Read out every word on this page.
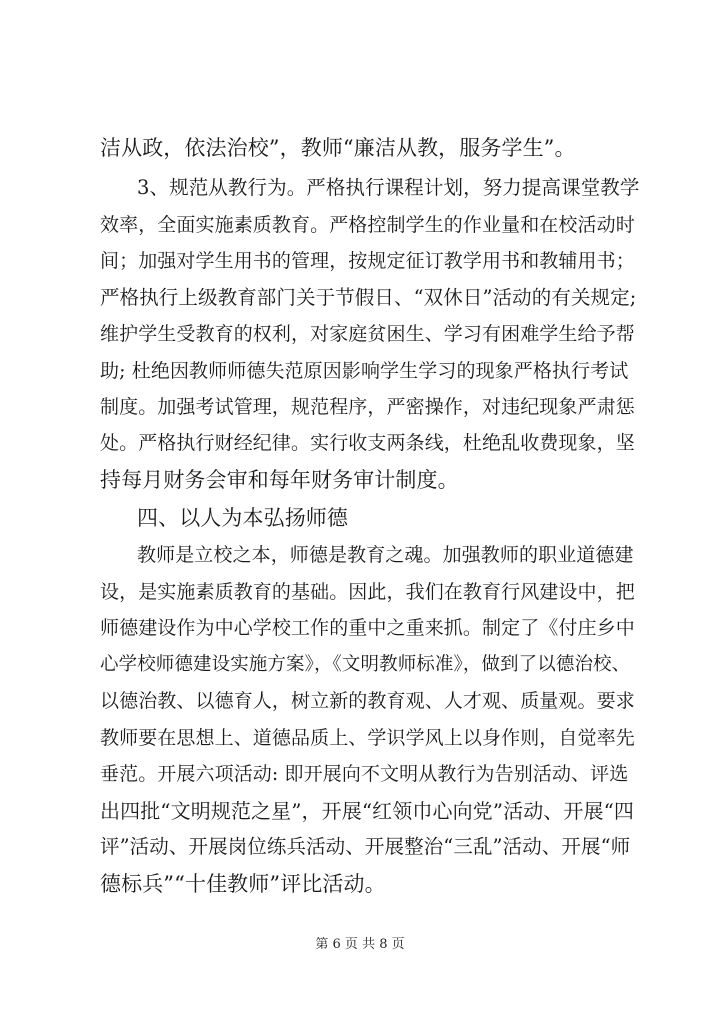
洁从政，依法治校”，教师“廉洁从教，服务学生”。
3、规范从教行为。严格执行课程计划，努力提高课堂教学
效率，全面实施素质教育。严格控制学生的作业量和在校活动时
间；加强对学生用书的管理，按规定征订教学用书和教辅用书；
严格执行上级教育部门关于节假日、“双休日”活动的有关规定;
维护学生受教育的权利，对家庭贫困生、学习有困难学生给予帮
助; 杜绝因教师师德失范原因影响学生学习的现象严格执行考试
制度。加强考试管理，规范程序，严密操作，对违纪现象严肃惩
处。严格执行财经纪律。实行收支两条线，杜绝乱收费现象，坚
持每月财务会审和每年财务审计制度。
四、以人为本弘扬师德
教师是立校之本，师德是教育之魂。加强教师的职业道德建
设，是实施素质教育的基础。因此，我们在教育行风建设中，把
师德建设作为中心学校工作的重中之重来抓。制定了《付庄乡中
心学校师德建设实施方案》，《文明教师标准》，做到了以德治校、
以德治教、以德育人，树立新的教育观、人才观、质量观。要求
教师要在思想上、道德品质上、学识学风上以身作则，自觉率先
垂范。开展六项活动: 即开展向不文明从教行为告别活动、评选
出四批“文明规范之星”，开展“红领巾心向党”活动、开展“四
评”活动、开展岗位练兵活动、开展整治“三乱”活动、开展“师
德标兵”“十佳教师”评比活动。
第 6 页 共 8 页
